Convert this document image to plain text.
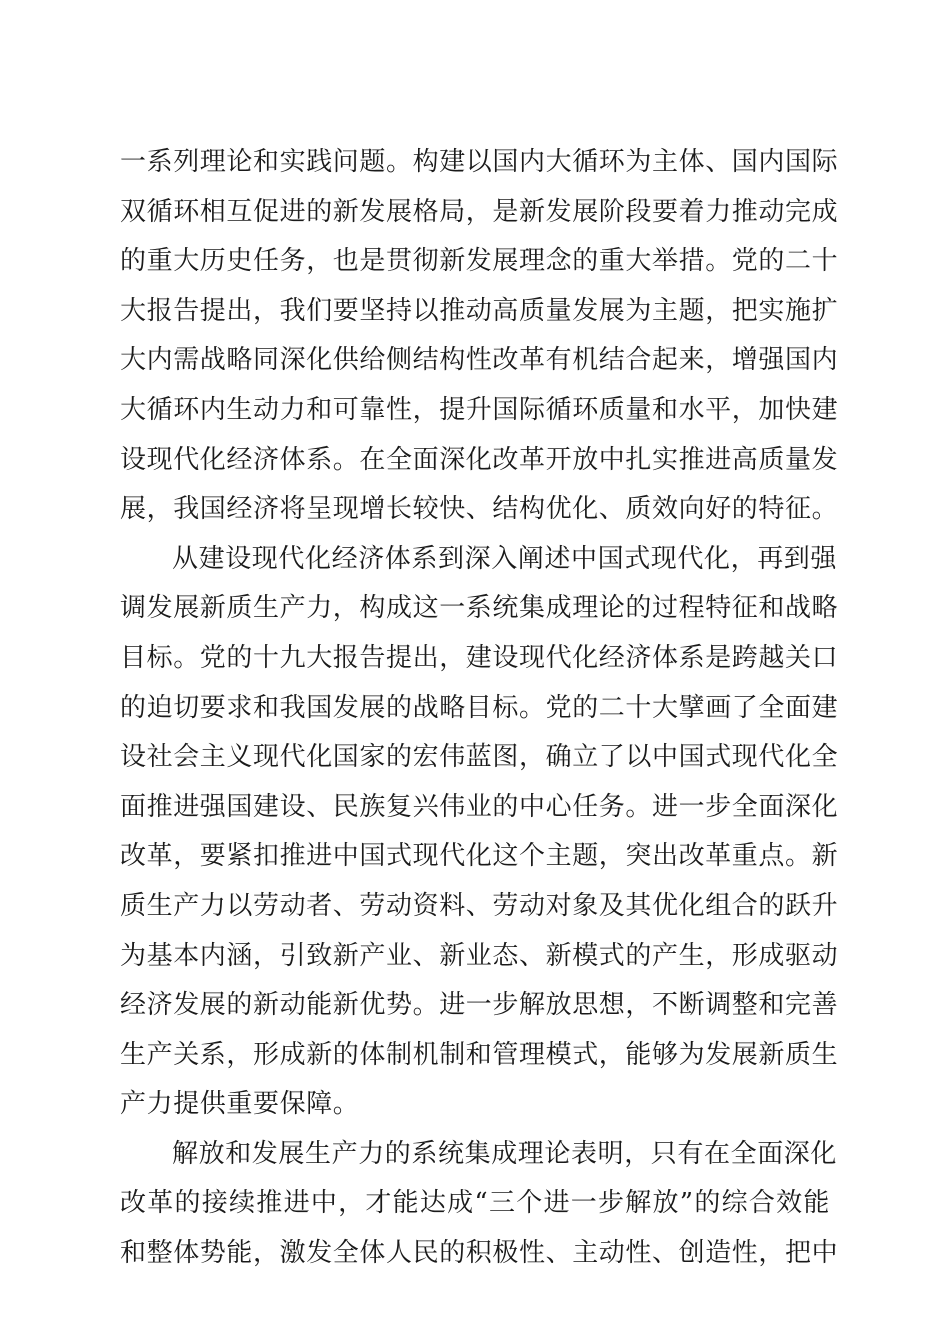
一系列理论和实践问题。构建以国内大循环为主体、国内国际
双循环相互促进的新发展格局，是新发展阶段要着力推动完成
的重大历史任务，也是贯彻新发展理念的重大举措。党的二十
大报告提出，我们要坚持以推动高质量发展为主题，把实施扩
大内需战略同深化供给侧结构性改革有机结合起来，增强国内
大循环内生动力和可靠性，提升国际循环质量和水平，加快建
设现代化经济体系。在全面深化改革开放中扎实推进高质量发
展，我国经济将呈现增长较快、结构优化、质效向好的特征。
从建设现代化经济体系到深入阐述中国式现代化，再到强
调发展新质生产力，构成这一系统集成理论的过程特征和战略
目标。党的十九大报告提出，建设现代化经济体系是跨越关口
的迫切要求和我国发展的战略目标。党的二十大擘画了全面建
设社会主义现代化国家的宏伟蓝图，确立了以中国式现代化全
面推进强国建设、民族复兴伟业的中心任务。进一步全面深化
改革，要紧扣推进中国式现代化这个主题，突出改革重点。新
质生产力以劳动者、劳动资料、劳动对象及其优化组合的跃升
为基本内涵，引致新产业、新业态、新模式的产生，形成驱动
经济发展的新动能新优势。进一步解放思想，不断调整和完善
生产关系，形成新的体制机制和管理模式，能够为发展新质生
产力提供重要保障。
解放和发展生产力的系统集成理论表明，只有在全面深化
改革的接续推进中，才能达成“三个进一步解放”的综合效能
和整体势能，激发全体人民的积极性、主动性、创造性，把中
